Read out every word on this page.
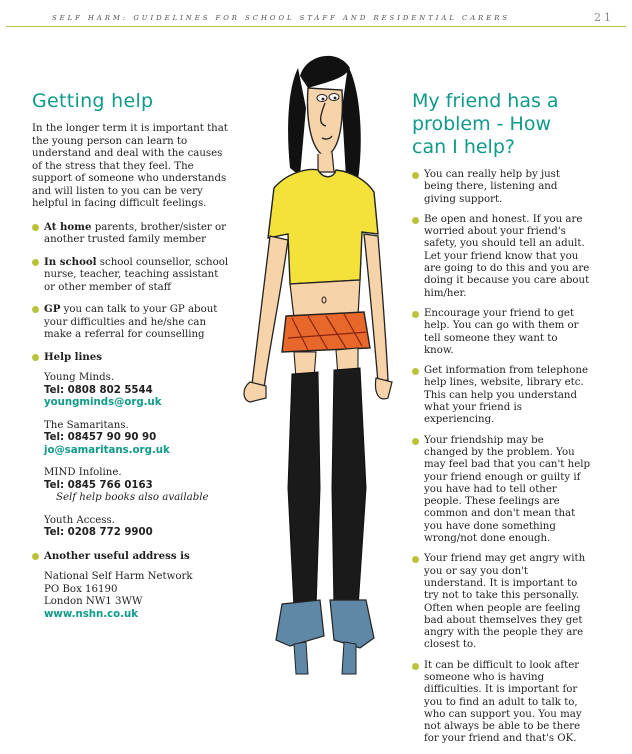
SELF HARM: GUIDELINES FOR SCHOOL STAFF AND RESIDENTIAL CARERS	21
Getting help

In the longer term it is important that the young person can learn to understand and deal with the causes of the stress that they feel. The support of someone who understands and will listen to you can be very helpful in facing difficult feelings.

At home parents, brother/sister or another trusted family member
In school school counsellor, school nurse, teacher, teaching assistant or other member of staff
GP you can talk to your GP about your difficulties and he/she can make a referral for counselling
Help lines
Young Minds.
Tel: 0808 802 5544
youngminds@org.uk
The Samaritans.
Tel: 08457 90 90 90
jo@samaritans.org.uk
MIND Infoline.
Tel: 0845 766 0163
Self help books also available
Youth Access.
Tel: 0208 772 9900
Another useful address is
National Self Harm Network
PO Box 16190
London NW1 3WW
www.nshn.co.uk
My friend has a
problem - How
can I help?
You can really help by just being there, listening and giving support.
Be open and honest. If you are worried about your friend's safety, you should tell an adult. Let your friend know that you are going to do this and you are doing it because you care about him/her.
Encourage your friend to get help. You can go with them or tell someone they want to know.
Get information from telephone help lines, website, library etc. This can help you understand what your friend is experiencing.
Your friendship may be changed by the problem. You may feel bad that you can't help your friend enough or guilty if you have had to tell other people. These feelings are common and don't mean that you have done something wrong/not done enough.
Your friend may get angry with you or say you don't understand. It is important to try not to take this personally. Often when people are feeling bad about themselves they get angry with the people they are closest to.
It can be difficult to look after someone who is having difficulties. It is important for you to find an adult to talk to, who can support you. You may not always be able to be there for your friend and that's OK.
